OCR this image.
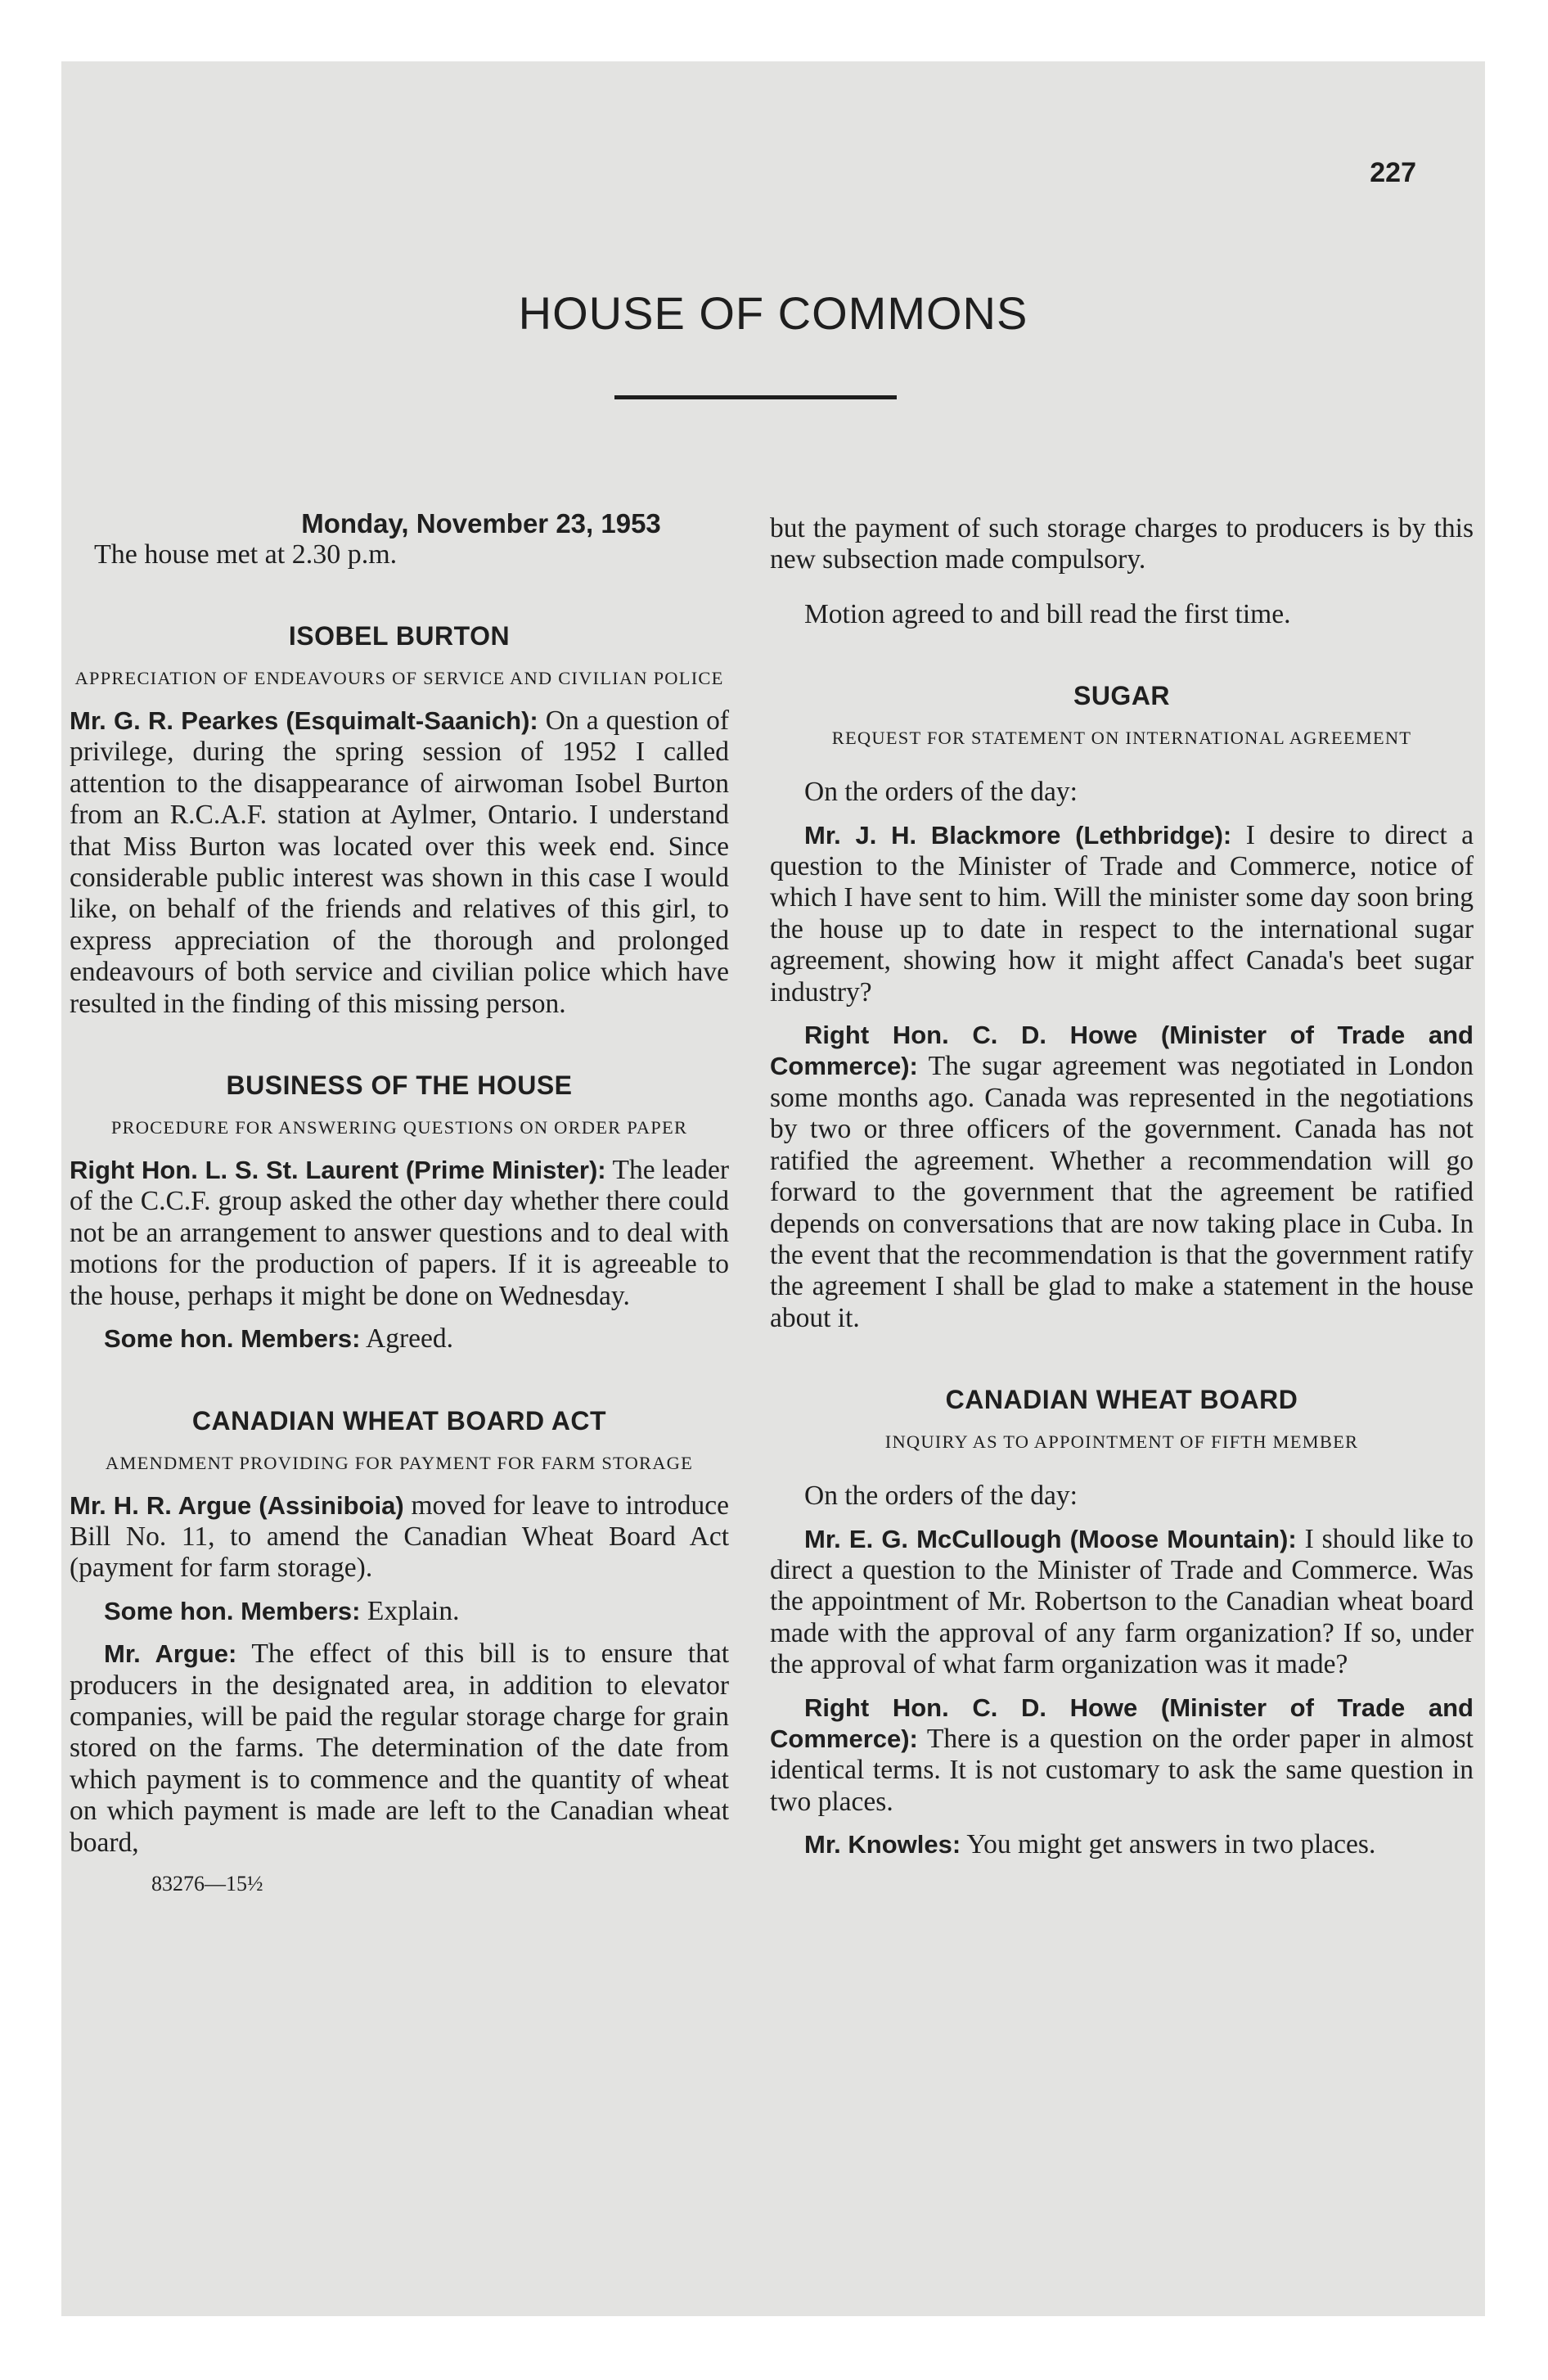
227
HOUSE OF COMMONS
Monday, November 23, 1953
The house met at 2.30 p.m.
ISOBEL BURTON

APPRECIATION OF ENDEAVOURS OF SERVICE AND CIVILIAN POLICE

Mr. G. R. Pearkes (Esquimalt-Saanich): On a question of privilege, during the spring session of 1952 I called attention to the disappearance of airwoman Isobel Burton from an R.C.A.F. station at Aylmer, Ontario. I understand that Miss Burton was located over this week end. Since considerable public interest was shown in this case I would like, on behalf of the friends and relatives of this girl, to express appreciation of the thorough and prolonged endeavours of both service and civilian police which have resulted in the finding of this missing person.

BUSINESS OF THE HOUSE

PROCEDURE FOR ANSWERING QUESTIONS ON ORDER PAPER

Right Hon. L. S. St. Laurent (Prime Minister): The leader of the C.C.F. group asked the other day whether there could not be an arrangement to answer questions and to deal with motions for the production of papers. If it is agreeable to the house, perhaps it might be done on Wednesday.

Some hon. Members: Agreed.

CANADIAN WHEAT BOARD ACT

AMENDMENT PROVIDING FOR PAYMENT FOR FARM STORAGE

Mr. H. R. Argue (Assiniboia) moved for leave to introduce Bill No. 11, to amend the Canadian Wheat Board Act (payment for farm storage).

Some hon. Members: Explain.

Mr. Argue: The effect of this bill is to ensure that producers in the designated area, in addition to elevator companies, will be paid the regular storage charge for grain stored on the farms. The determination of the date from which payment is to commence and the quantity of wheat on which payment is made are left to the Canadian wheat board,

83276—15½

but the payment of such storage charges to producers is by this new subsection made compulsory.

Motion agreed to and bill read the first time.

SUGAR

REQUEST FOR STATEMENT ON INTERNATIONAL AGREEMENT

On the orders of the day:

Mr. J. H. Blackmore (Lethbridge): I desire to direct a question to the Minister of Trade and Commerce, notice of which I have sent to him. Will the minister some day soon bring the house up to date in respect to the international sugar agreement, showing how it might affect Canada's beet sugar industry?

Right Hon. C. D. Howe (Minister of Trade and Commerce): The sugar agreement was negotiated in London some months ago. Canada was represented in the negotiations by two or three officers of the government. Canada has not ratified the agreement. Whether a recommendation will go forward to the government that the agreement be ratified depends on conversations that are now taking place in Cuba. In the event that the recommendation is that the government ratify the agreement I shall be glad to make a statement in the house about it.

CANADIAN WHEAT BOARD

INQUIRY AS TO APPOINTMENT OF FIFTH MEMBER

On the orders of the day:

Mr. E. G. McCullough (Moose Mountain): I should like to direct a question to the Minister of Trade and Commerce. Was the appointment of Mr. Robertson to the Canadian wheat board made with the approval of any farm organization? If so, under the approval of what farm organization was it made?

Right Hon. C. D. Howe (Minister of Trade and Commerce): There is a question on the order paper in almost identical terms. It is not customary to ask the same question in two places.

Mr. Knowles: You might get answers in two places.
